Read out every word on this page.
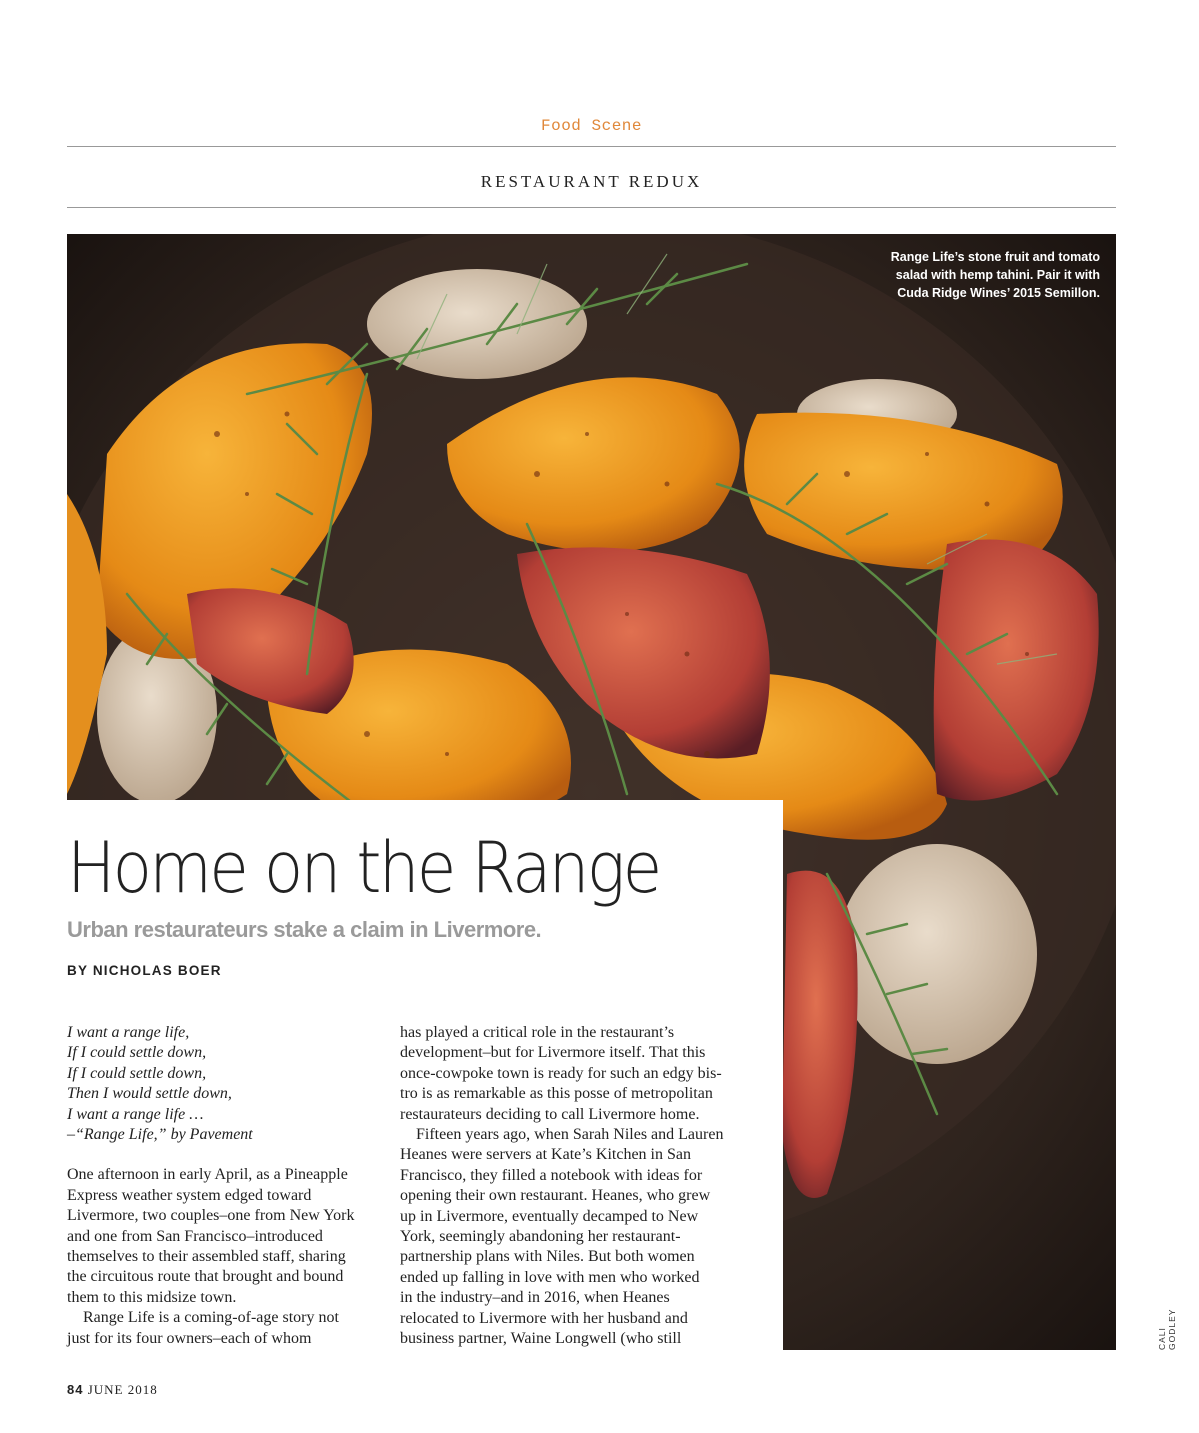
Food Scene
RESTAURANT REDUX
Range Life’s stone fruit and tomato
salad with hemp tahini. Pair it with
Cuda Ridge Wines’ 2015 Semillon.
Home on the Range
Urban restaurateurs stake a claim in Livermore.
BY NICHOLAS BOER
I want a range life,
If I could settle down,
If I could settle down,
Then I would settle down,
I want a range life …
–“Range Life,” by Pavement
One afternoon in early April, as a Pineapple
Express weather system edged toward
Livermore, two couples–one from New York
and one from San Francisco–introduced
themselves to their assembled staff, sharing
the circuitous route that brought and bound
them to this midsize town.
Range Life is a coming-of-age story not
just for its four owners–each of whom
has played a critical role in the restaurant’s
development–but for Livermore itself. That this
once-cowpoke town is ready for such an edgy bis-
tro is as remarkable as this posse of metropolitan
restaurateurs deciding to call Livermore home.
Fifteen years ago, when Sarah Niles and Lauren
Heanes were servers at Kate’s Kitchen in San
Francisco, they filled a notebook with ideas for
opening their own restaurant. Heanes, who grew
up in Livermore, eventually decamped to New
York, seemingly abandoning her restaurant-
partnership plans with Niles. But both women
ended up falling in love with men who worked
in the industry–and in 2016, when Heanes
relocated to Livermore with her husband and
business partner, Waine Longwell (who still	CALI GODLEY
84 JUNE 2018
